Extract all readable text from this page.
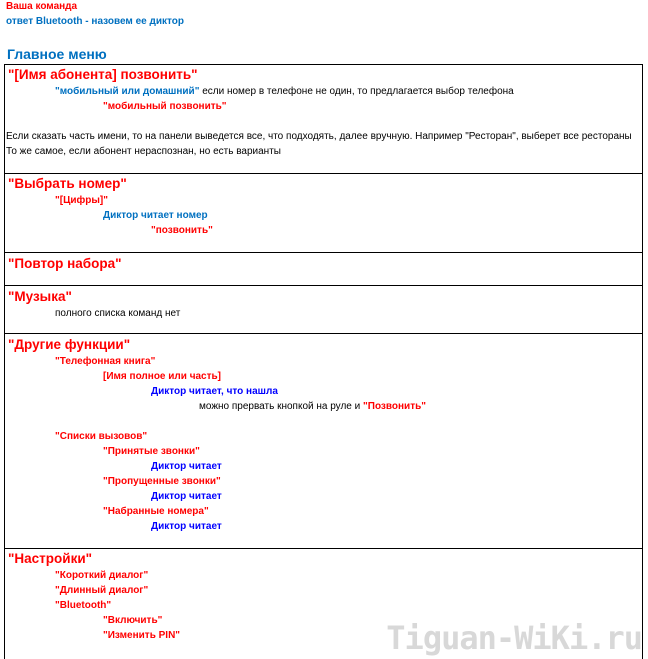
Ваша команда
ответ Bluetooth - назовем ее диктор
Главное меню
"[Имя абонента] позвонить"
"мобильный или домашний" если номер в телефоне не один, то предлагается выбор телефона
"мобильный позвонить"
Если сказать часть имени, то на панели выведется все, что подходять, далее вручную. Например "Ресторан", выберет все рестораны
То же самое, если абонент нераспознан, но есть варианты
"Выбрать номер"
"[Цифры]"
Диктор читает номер
"позвонить"
"Повтор набора"
"Музыка"
полного списка команд нет
"Другие функции"
"Телефонная книга"
[Имя полное или часть]
Диктор читает, что нашла
можно прервать кнопкой на руле и "Позвонить"
"Списки вызовов"
"Принятые звонки"
Диктор читает
"Пропущенные звонки"
Диктор читает
"Набранные номера"
Диктор читает
"Настройки"
"Короткий диалог"
"Длинный диалог"
"Bluetooth"
"Включить"
"Изменить PIN"	Tiguan-WiKi.ru
